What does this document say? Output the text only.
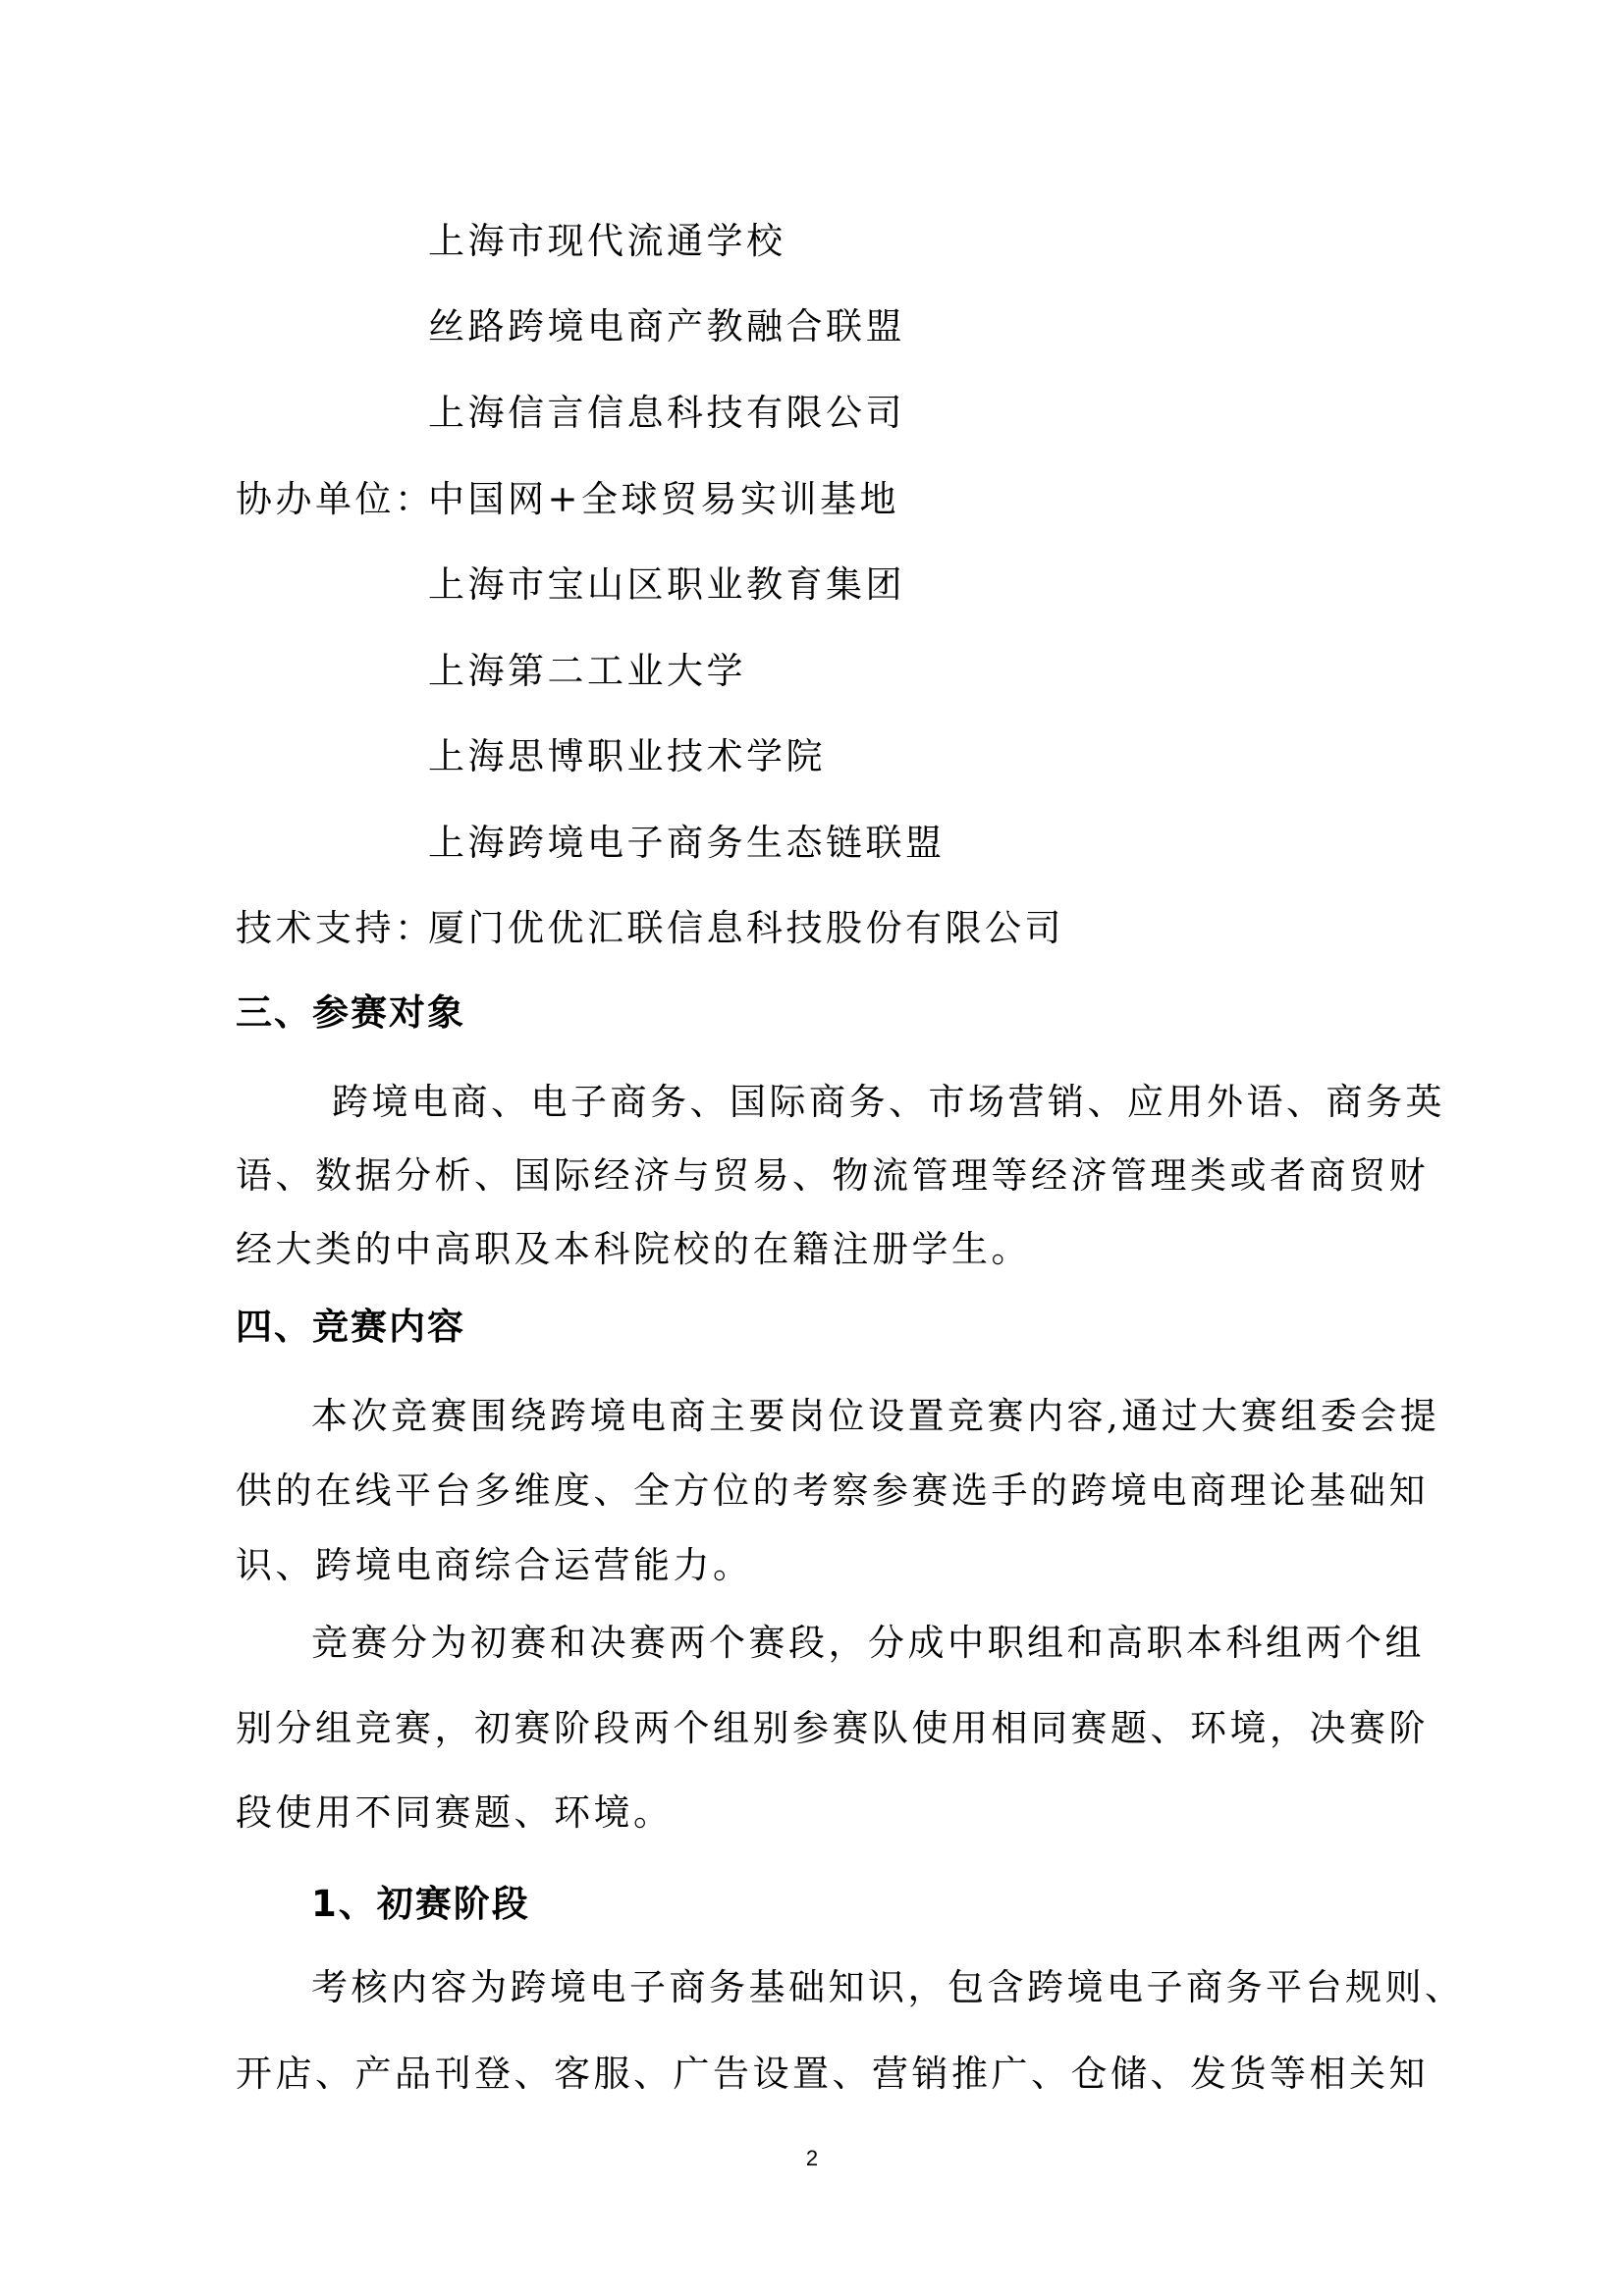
上海市现代流通学校
丝路跨境电商产教融合联盟
上海信言信息科技有限公司
协办单位：
中国网+全球贸易实训基地
上海市宝山区职业教育集团
上海第二工业大学
上海思博职业技术学院
上海跨境电子商务生态链联盟
技术支持：
厦门优优汇联信息科技股份有限公司
三、参赛对象
跨境电商、电子商务、国际商务、市场营销、应用外语、商务英
语、数据分析、国际经济与贸易、物流管理等经济管理类或者商贸财
经大类的中高职及本科院校的在籍注册学生。
四、竞赛内容
本次竞赛围绕跨境电商主要岗位设置竞赛内容,通过大赛组委会提
供的在线平台多维度、全方位的考察参赛选手的跨境电商理论基础知
识、跨境电商综合运营能力。
竞赛分为初赛和决赛两个赛段，分成中职组和高职本科组两个组
别分组竞赛，初赛阶段两个组别参赛队使用相同赛题、环境，决赛阶
段使用不同赛题、环境。
1、初赛阶段
考核内容为跨境电子商务基础知识，包含跨境电子商务平台规则、
开店、产品刊登、客服、广告设置、营销推广、仓储、发货等相关知
2
